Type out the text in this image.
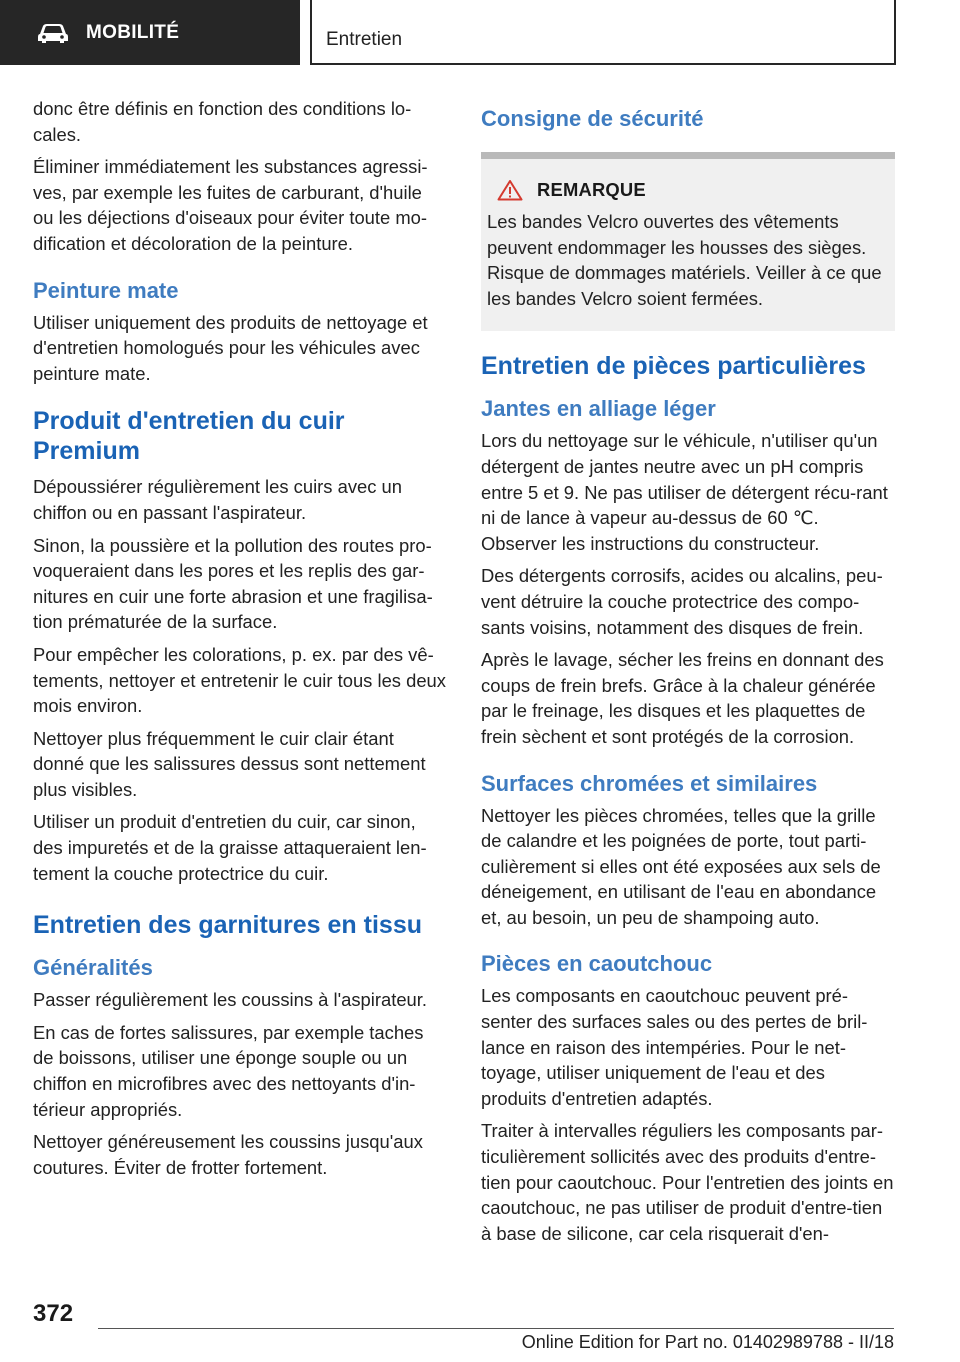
MOBILITÉ	Entretien

donc être définis en fonction des conditions lo-cales.

Éliminer immédiatement les substances agressi-ves, par exemple les fuites de carburant, d'huile ou les déjections d'oiseaux pour éviter toute mo-dification et décoloration de la peinture.

Peinture mate

Utiliser uniquement des produits de nettoyage et d'entretien homologués pour les véhicules avec peinture mate.

Produit d'entretien du cuir Premium

Dépoussiérer régulièrement les cuirs avec un chiffon ou en passant l'aspirateur.

Sinon, la poussière et la pollution des routes pro-voqueraient dans les pores et les replis des gar-nitures en cuir une forte abrasion et une fragilisa-tion prématurée de la surface.

Pour empêcher les colorations, p. ex. par des vê-tements, nettoyer et entretenir le cuir tous les deux mois environ.

Nettoyer plus fréquemment le cuir clair étant donné que les salissures dessus sont nettement plus visibles.

Utiliser un produit d'entretien du cuir, car sinon, des impuretés et de la graisse attaqueraient len-tement la couche protectrice du cuir.

Entretien des garnitures en tissu
Généralités

Passer régulièrement les coussins à l'aspirateur.

En cas de fortes salissures, par exemple taches de boissons, utiliser une éponge souple ou un chiffon en microfibres avec des nettoyants d'in-térieur appropriés.

Nettoyer généreusement les coussins jusqu'aux coutures. Éviter de frotter fortement.

Consigne de sécurité
REMARQUE

Les bandes Velcro ouvertes des vêtements peuvent endommager les housses des sièges. Risque de dommages matériels. Veiller à ce que les bandes Velcro soient fermées.

Entretien de pièces particulières
Jantes en alliage léger

Lors du nettoyage sur le véhicule, n'utiliser qu'un détergent de jantes neutre avec un pH compris entre 5 et 9. Ne pas utiliser de détergent récu-rant ni de lance à vapeur au-dessus de 60 ℃. Observer les instructions du constructeur.

Des détergents corrosifs, acides ou alcalins, peu-vent détruire la couche protectrice des compo-sants voisins, notamment des disques de frein.

Après le lavage, sécher les freins en donnant des coups de frein brefs. Grâce à la chaleur générée par le freinage, les disques et les plaquettes de frein sèchent et sont protégés de la corrosion.

Surfaces chromées et similaires

Nettoyer les pièces chromées, telles que la grille de calandre et les poignées de porte, tout parti-culièrement si elles ont été exposées aux sels de déneigement, en utilisant de l'eau en abondance et, au besoin, un peu de shampoing auto.

Pièces en caoutchouc

Les composants en caoutchouc peuvent pré-senter des surfaces sales ou des pertes de bril-lance en raison des intempéries. Pour le net-toyage, utiliser uniquement de l'eau et des produits d'entretien adaptés.

Traiter à intervalles réguliers les composants par-ticulièrement sollicités avec des produits d'entre-tien pour caoutchouc. Pour l'entretien des joints en caoutchouc, ne pas utiliser de produit d'entre-tien à base de silicone, car cela risquerait d'en-

372
Online Edition for Part no. 01402989788 - II/18
